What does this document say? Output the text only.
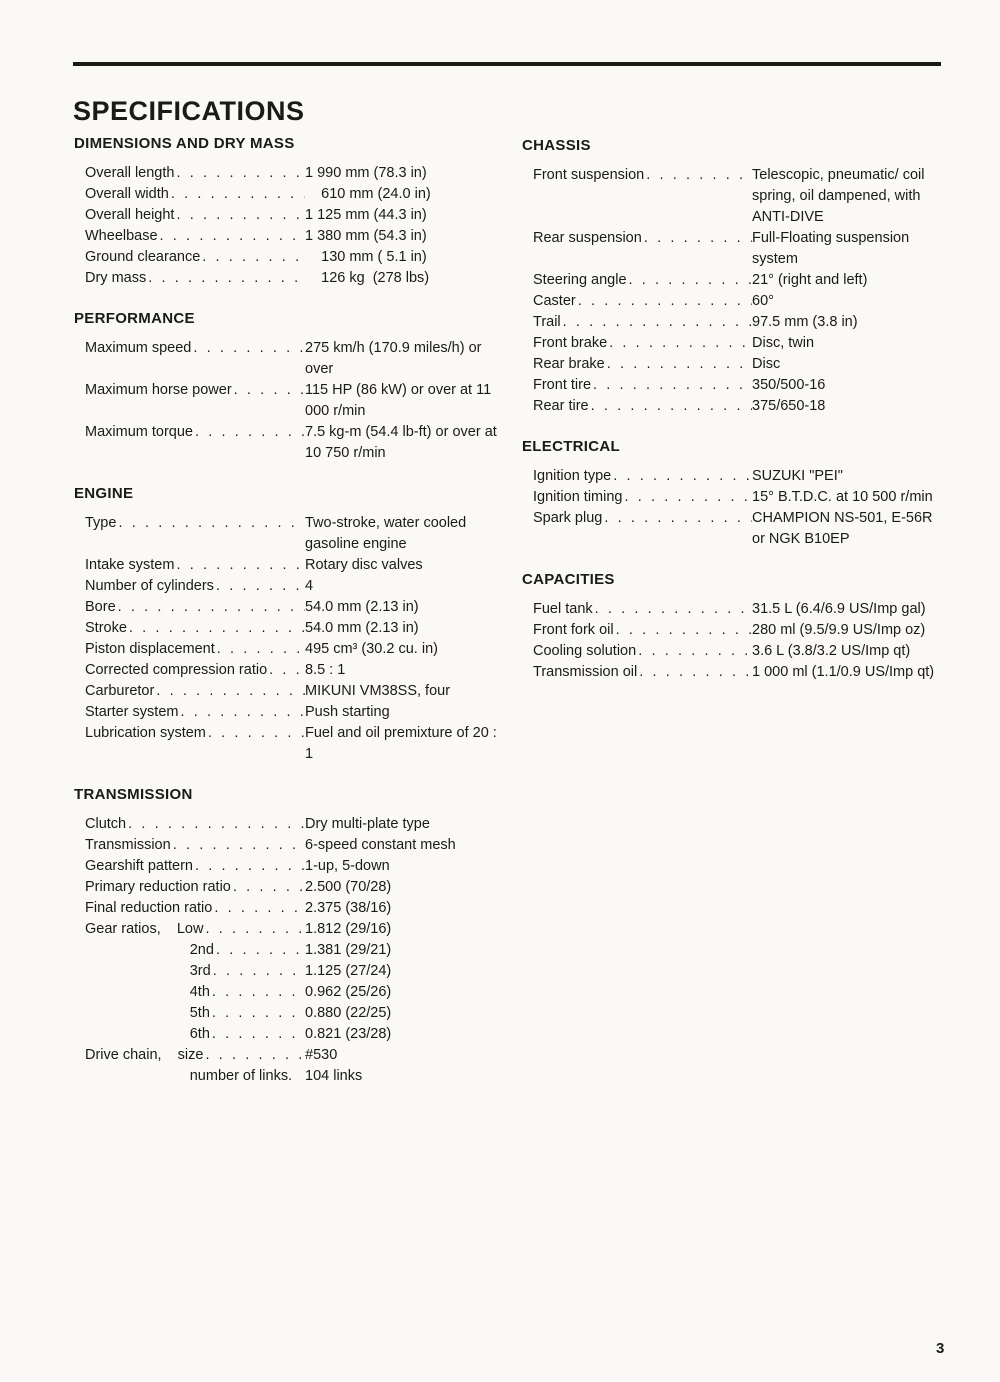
SPECIFICATIONS
DIMENSIONS AND DRY MASS
Overall length . . .	1 990 mm (78.3 in)
Overall width . . .	610 mm (24.0 in)
Overall height . . .	1 125 mm (44.3 in)
Wheelbase . . .	1 380 mm (54.3 in)
Ground clearance . . .	130 mm ( 5.1 in)
Dry mass . . .	126 kg  (278 lbs)
PERFORMANCE
Maximum speed . . .	275 km/h (170.9 miles/h) or over
Maximum horse power . . .	115 HP (86 kW) or over at 11 000 r/min
Maximum torque . . .	7.5 kg-m (54.4 lb-ft) or over at 10 750 r/min
ENGINE
Type . . .	Two-stroke, water cooled gasoline engine
Intake system . . .	Rotary disc valves
Number of cylinders . . .	4
Bore . . .	54.0 mm (2.13 in)
Stroke . . .	54.0 mm (2.13 in)
Piston displacement . . .	495 cm³ (30.2 cu. in)
Corrected compression ratio . . .	8.5 : 1
Carburetor . . .	MIKUNI VM38SS, four
Starter system . . .	Push starting
Lubrication system . . .	Fuel and oil premixture of 20 : 1
TRANSMISSION
Clutch . . .	Dry multi-plate type
Transmission . . .	6-speed constant mesh
Gearshift pattern . . .	1-up, 5-down
Primary reduction ratio . . .	2.500 (70/28)
Final reduction ratio . . .	2.375 (38/16)
Gear ratios,    Low . . .	1.812 (29/16)
2nd . . .	1.381 (29/21)
3rd . . .	1.125 (27/24)
4th . . .	0.962 (25/26)
5th . . .	0.880 (22/25)
6th . . .	0.821 (23/28)
Drive chain,    size . . .	#530
number of links. 104 links
CHASSIS
Front suspension . . .	Telescopic, pneumatic/ coil spring, oil dampened, with ANTI-DIVE
Rear suspension . . .	Full-Floating suspension system
Steering angle . . .	21° (right and left)
Caster . . .	60°
Trail . . .	97.5 mm (3.8 in)
Front brake . . .	Disc, twin
Rear brake . . .	Disc
Front tire . . .	350/500-16
Rear tire . . .	375/650-18
ELECTRICAL
Ignition type . . .	SUZUKI "PEI"
Ignition timing . . .	15° B.T.D.C. at 10 500 r/min
Spark plug . . .	CHAMPION NS-501, E-56R or NGK B10EP
CAPACITIES
Fuel tank . . .	31.5 L (6.4/6.9 US/Imp gal)
Front fork oil . . .	280 ml (9.5/9.9 US/Imp oz)
Cooling solution . . .	3.6 L (3.8/3.2 US/Imp qt)
Transmission oil . . .	1 000 ml (1.1/0.9 US/Imp qt)
3
